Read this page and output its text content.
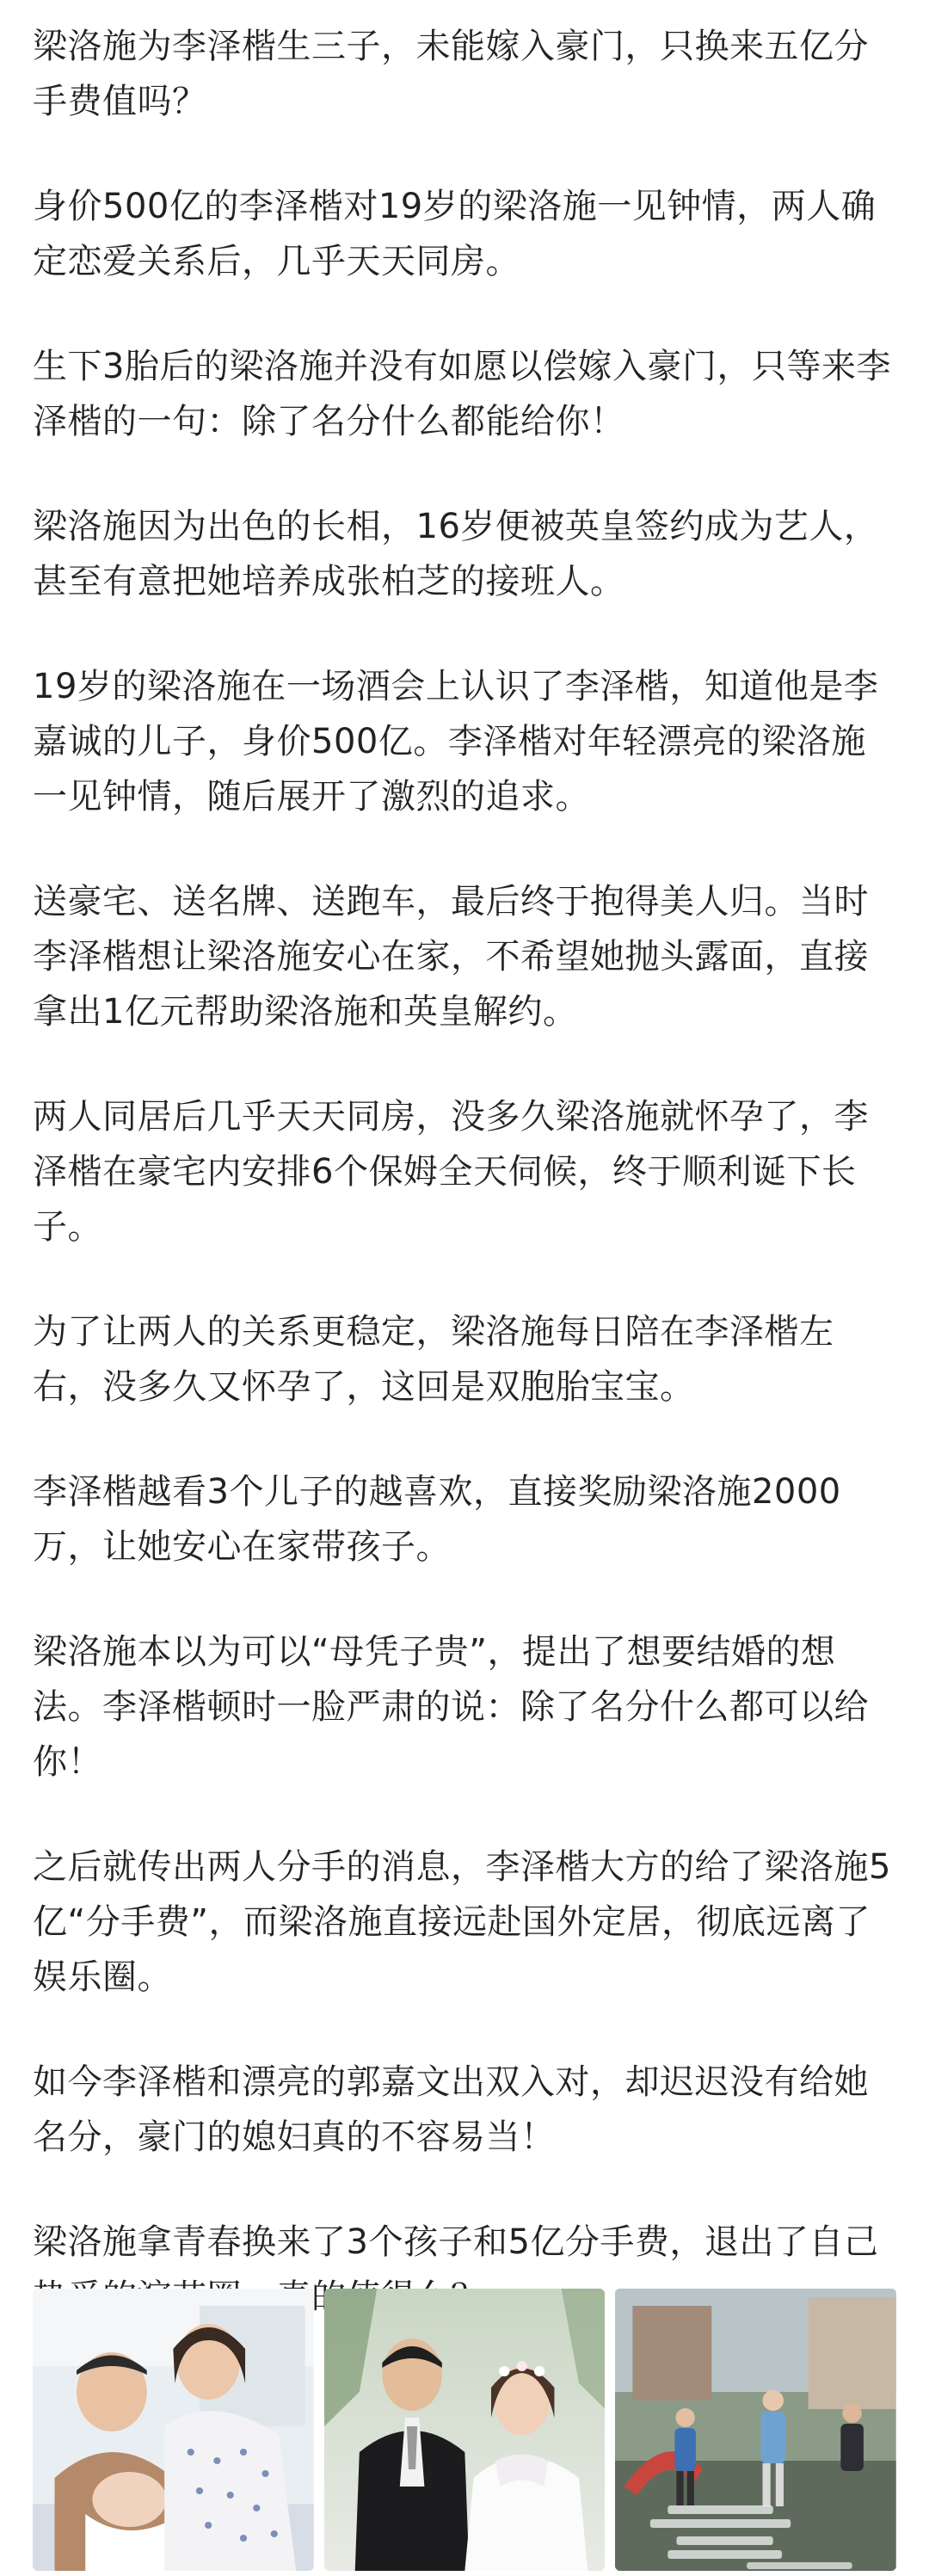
梁洛施为李泽楷生三子，未能嫁入豪门，只换来五亿分手费值吗？

身价500亿的李泽楷对19岁的梁洛施一见钟情，两人确定恋爱关系后，几乎天天同房。

生下3胎后的梁洛施并没有如愿以偿嫁入豪门，只等来李泽楷的一句：除了名分什么都能给你！

梁洛施因为出色的长相，16岁便被英皇签约成为艺人，甚至有意把她培养成张柏芝的接班人。

19岁的梁洛施在一场酒会上认识了李泽楷，知道他是李嘉诚的儿子，身价500亿。李泽楷对年轻漂亮的梁洛施一见钟情，随后展开了激烈的追求。

送豪宅、送名牌、送跑车，最后终于抱得美人归。当时李泽楷想让梁洛施安心在家，不希望她抛头露面，直接拿出1亿元帮助梁洛施和英皇解约。

两人同居后几乎天天同房，没多久梁洛施就怀孕了，李泽楷在豪宅内安排6个保姆全天伺候，终于顺利诞下长子。

为了让两人的关系更稳定，梁洛施每日陪在李泽楷左右，没多久又怀孕了，这回是双胞胎宝宝。

李泽楷越看3个儿子的越喜欢，直接奖励梁洛施2000万，让她安心在家带孩子。

梁洛施本以为可以“母凭子贵”，提出了想要结婚的想法。李泽楷顿时一脸严肃的说：除了名分什么都可以给你！

之后就传出两人分手的消息，李泽楷大方的给了梁洛施5亿“分手费”，而梁洛施直接远赴国外定居，彻底远离了娱乐圈。

如今李泽楷和漂亮的郭嘉文出双入对，却迟迟没有给她名分，豪门的媳妇真的不容易当！

梁洛施拿青春换来了3个孩子和5亿分手费，退出了自己
